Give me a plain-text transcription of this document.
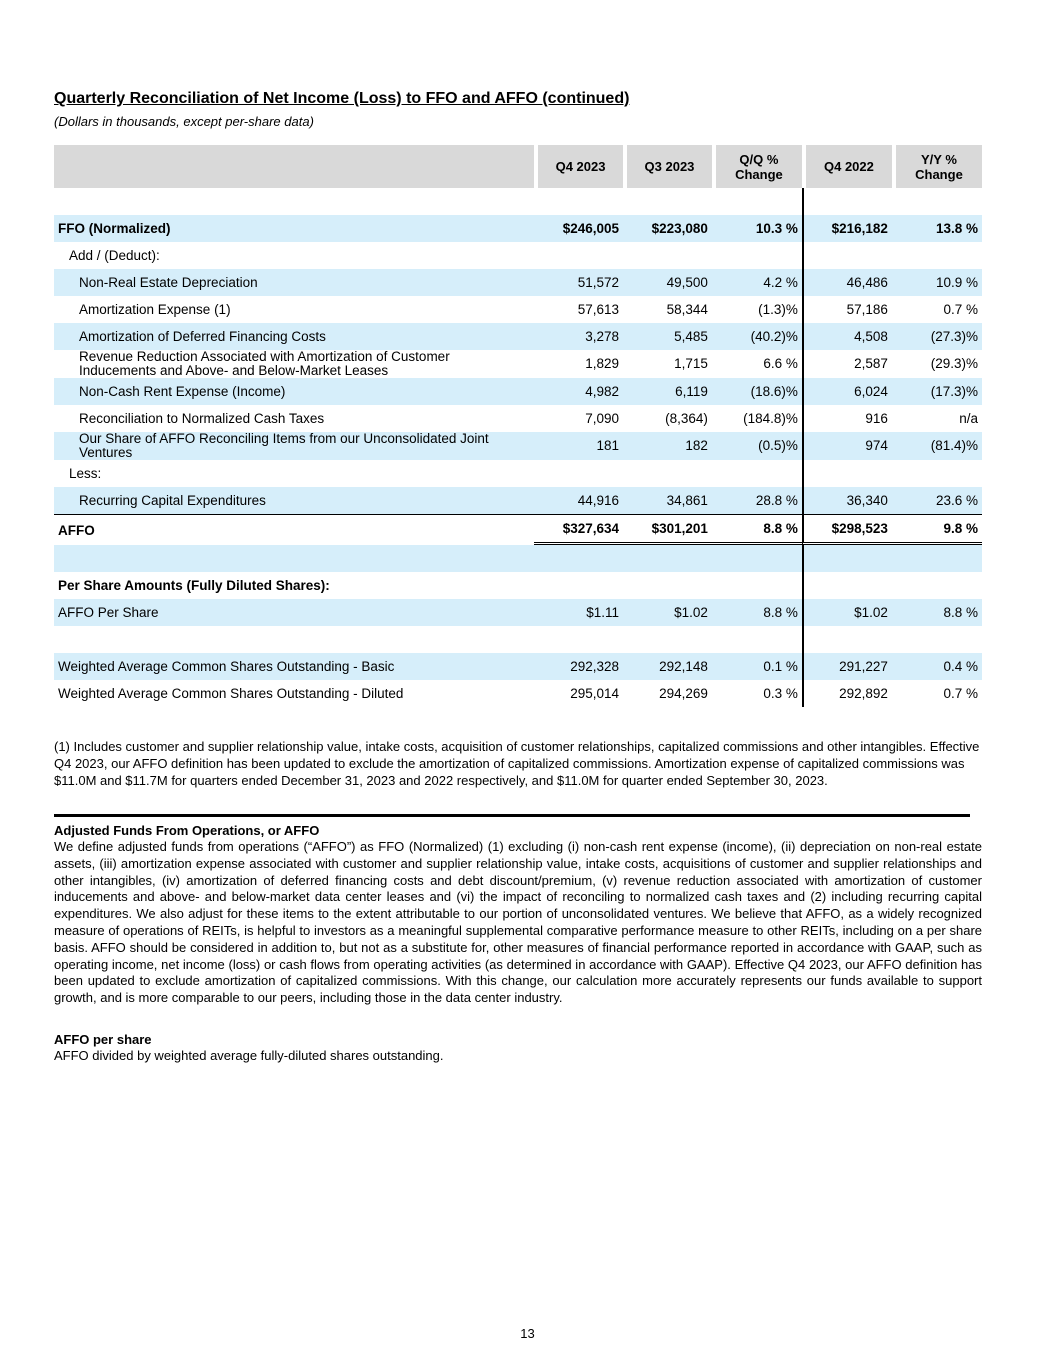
Quarterly Reconciliation of Net Income (Loss) to FFO and AFFO (continued)

(Dollars in thousands, except per-share data)

	Q4 2023	Q3 2023	Q/Q % Change	Q4 2022	Y/Y % Change

FFO (Normalized)	$246,005	$223,080	10.3 %	$216,182	13.8 %
Add / (Deduct):					
Non-Real Estate Depreciation	51,572	49,500	4.2 %	46,486	10.9 %
Amortization Expense (1)	57,613	58,344	(1.3)%	57,186	0.7 %
Amortization of Deferred Financing Costs	3,278	5,485	(40.2)%	4,508	(27.3)%
Revenue Reduction Associated with Amortization of Customer Inducements and Above- and Below-Market Leases	1,829	1,715	6.6 %	2,587	(29.3)%
Non-Cash Rent Expense (Income)	4,982	6,119	(18.6)%	6,024	(17.3)%
Reconciliation to Normalized Cash Taxes	7,090	(8,364)	(184.8)%	916	n/a
Our Share of AFFO Reconciling Items from our Unconsolidated Joint Ventures	181	182	(0.5)%	974	(81.4)%
Less:					
Recurring Capital Expenditures	44,916	34,861	28.8 %	36,340	23.6 %
AFFO	$327,634	$301,201	8.8 %	$298,523	9.8 %

Per Share Amounts (Fully Diluted Shares):					
AFFO Per Share	$1.11	$1.02	8.8 %	$1.02	8.8 %

Weighted Average Common Shares Outstanding - Basic	292,328	292,148	0.1 %	291,227	0.4 %
Weighted Average Common Shares Outstanding - Diluted	295,014	294,269	0.3 %	292,892	0.7 %

(1) Includes customer and supplier relationship value, intake costs, acquisition of customer relationships, capitalized commissions and other intangibles. Effective Q4 2023, our AFFO definition has been updated to exclude the amortization of capitalized commissions. Amortization expense of capitalized commissions was $11.0M and $11.7M for quarters ended December 31, 2023 and 2022 respectively, and $11.0M for quarter ended September 30, 2023.

Adjusted Funds From Operations, or AFFO

We define adjusted funds from operations (“AFFO”) as FFO (Normalized) (1) excluding (i) non-cash rent expense (income), (ii) depreciation on non-real estate assets, (iii) amortization expense associated with customer and supplier relationship value, intake costs, acquisitions of customer and supplier relationships and other intangibles, (iv) amortization of deferred financing costs and debt discount/premium, (v) revenue reduction associated with amortization of customer inducements and above- and below-market data center leases and (vi) the impact of reconciling to normalized cash taxes and (2) including recurring capital expenditures. We also adjust for these items to the extent attributable to our portion of unconsolidated ventures. We believe that AFFO, as a widely recognized measure of operations of REITs, is helpful to investors as a meaningful supplemental comparative performance measure to other REITs, including on a per share basis. AFFO should be considered in addition to, but not as a substitute for, other measures of financial performance reported in accordance with GAAP, such as operating income, net income (loss) or cash flows from operating activities (as determined in accordance with GAAP). Effective Q4 2023, our AFFO definition has been updated to exclude amortization of capitalized commissions. With this change, our calculation more accurately represents our funds available to support growth, and is more comparable to our peers, including those in the data center industry.

AFFO per share

AFFO divided by weighted average fully-diluted shares outstanding.

13
